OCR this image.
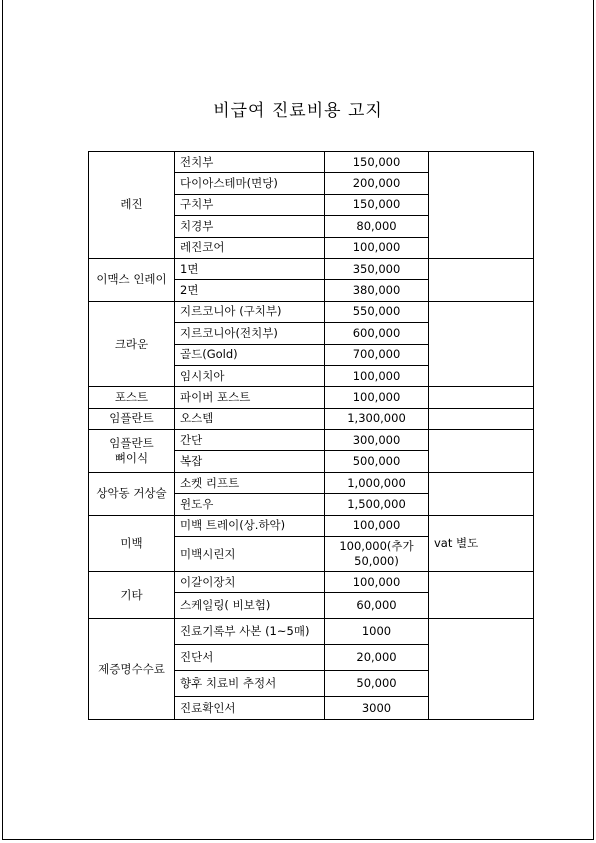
비급여 진료비용 고지
레진	전치부	150,000	
	다이아스테마(면당)	200,000	
	구치부	150,000	
	치경부	80,000	
	레진코어	100,000	
이맥스 인레이	1면	350,000	
	2면	380,000	
크라운	지르코니아 (구치부)	550,000	
	지르코니아(전치부)	600,000	
	골드(Gold)	700,000	
	임시치아	100,000	
포스트	파이버 포스트	100,000	
임플란트	오스템	1,300,000	
임플란트
뼈이식	간단	300,000	
	복잡	500,000	
상악동 거상술	소켓 리프트	1,000,000	
	윈도우	1,500,000	
미백	미백 트레이(상.하악)	100,000	vat 별도
	미백시린지	100,000(추가
50,000)	
기타	이갈이장치	100,000	
	스케일링( 비보험)	60,000	
제증명수수료	진료기록부 사본 (1~5매)	1000	
	진단서	20,000	
	향후 치료비 추정서	50,000	
	진료확인서	3000	
